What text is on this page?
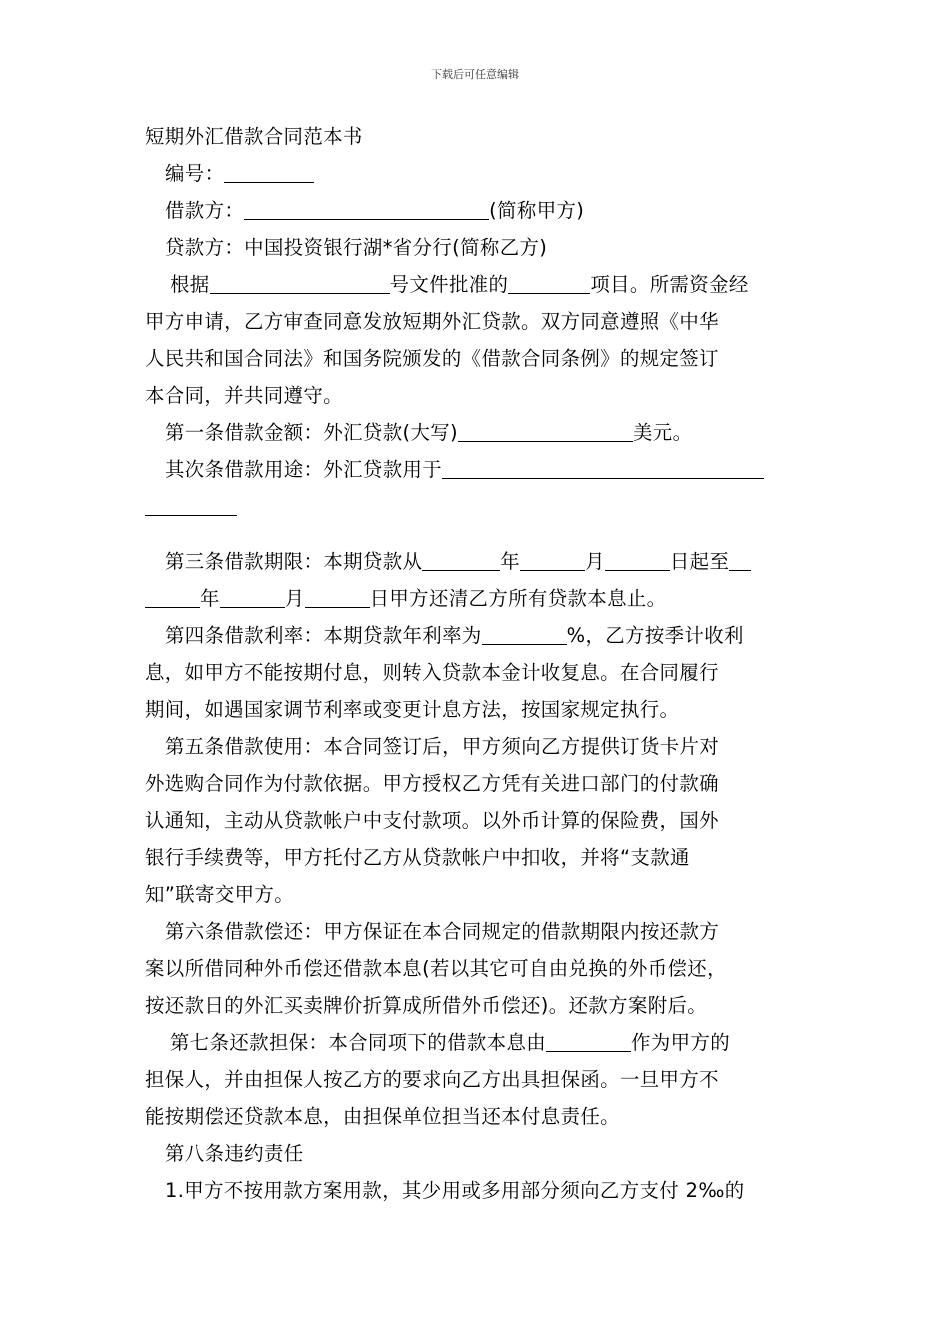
下载后可任意编辑
短期外汇借款合同范本书
编号：
借款方：	(简称甲方)
贷款方：中国投资银行湖*省分行(简称乙方)
根据	号文件批准的	项目。所需资金经
甲方申请，乙方审查同意发放短期外汇贷款。双方同意遵照《中华
人民共和国合同法》和国务院颁发的《借款合同条例》的规定签订
本合同，并共同遵守。
第一条借款金额：外汇贷款(大写)	美元。
其次条借款用途：外汇贷款用于
第三条借款期限：本期贷款从	年	月	日起至
年	月	日甲方还清乙方所有贷款本息止。
第四条借款利率：本期贷款年利率为	%，乙方按季计收利
息，如甲方不能按期付息，则转入贷款本金计收复息。在合同履行
期间，如遇国家调节利率或变更计息方法，按国家规定执行。
第五条借款使用：本合同签订后，甲方须向乙方提供订货卡片对
外选购合同作为付款依据。甲方授权乙方凭有关进口部门的付款确
认通知，主动从贷款帐户中支付款项。以外币计算的保险费，国外
银行手续费等，甲方托付乙方从贷款帐户中扣收，并将“支款通
知”联寄交甲方。
第六条借款偿还：甲方保证在本合同规定的借款期限内按还款方
案以所借同种外币偿还借款本息(若以其它可自由兑换的外币偿还，
按还款日的外汇买卖牌价折算成所借外币偿还)。还款方案附后。
第七条还款担保：本合同项下的借款本息由	作为甲方的
担保人，并由担保人按乙方的要求向乙方出具担保函。一旦甲方不
能按期偿还贷款本息，由担保单位担当还本付息责任。
第八条违约责任
1.甲方不按用款方案用款，其少用或多用部分须向乙方支付 2‰的
